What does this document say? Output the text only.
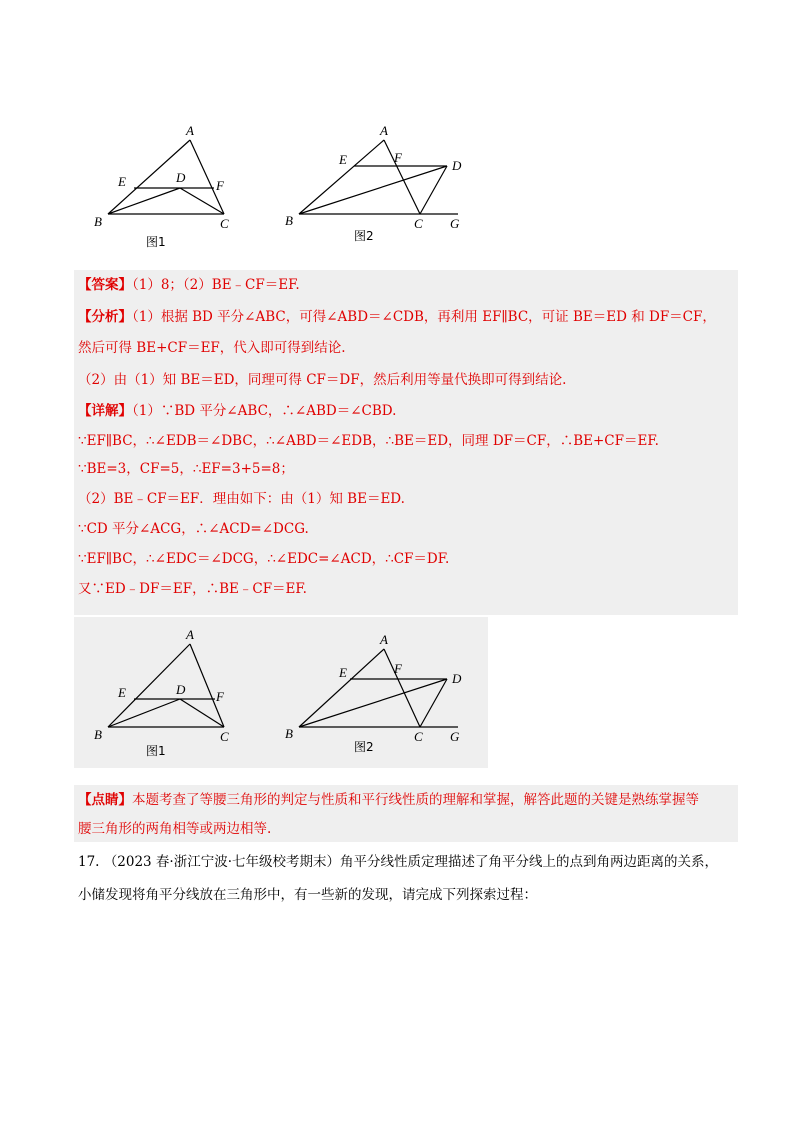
A
B	C
D
E	F
图1
A
B	C
D
E	F
G
图2
【答案】（1）8；（2）BE﹣CF＝EF.
【分析】（1）根据 BD 平分∠ABC，可得∠ABD＝∠CDB，再利用 EF∥BC，可证 BE＝ED 和 DF＝CF，
然后可得 BE+CF＝EF，代入即可得到结论.
（2）由（1）知 BE＝ED，同理可得 CF＝DF，然后利用等量代换即可得到结论.
【详解】（1）∵BD 平分∠ABC，∴∠ABD＝∠CBD.
∵EF∥BC，∴∠EDB＝∠DBC，∴∠ABD＝∠EDB，∴BE＝ED，同理 DF＝CF，∴BE+CF＝EF.
∵BE=3，CF=5，∴EF=3+5=8；
（2）BE﹣CF＝EF．理由如下：由（1）知 BE＝ED.
∵CD 平分∠ACG，∴∠ACD=∠DCG.
∵EF∥BC，∴∠EDC＝∠DCG，∴∠EDC=∠ACD，∴CF＝DF.
又∵ED﹣DF＝EF，∴BE﹣CF＝EF.
A
B	C
D
E	F
图1
A
B	C
D
E	F
G
图2
【点睛】本题考查了等腰三角形的判定与性质和平行线性质的理解和掌握，解答此题的关键是熟练掌握等
腰三角形的两角相等或两边相等.
17. （2023 春·浙江宁波·七年级校考期末）角平分线性质定理描述了角平分线上的点到角两边距离的关系，
小储发现将角平分线放在三角形中，有一些新的发现，请完成下列探索过程：
